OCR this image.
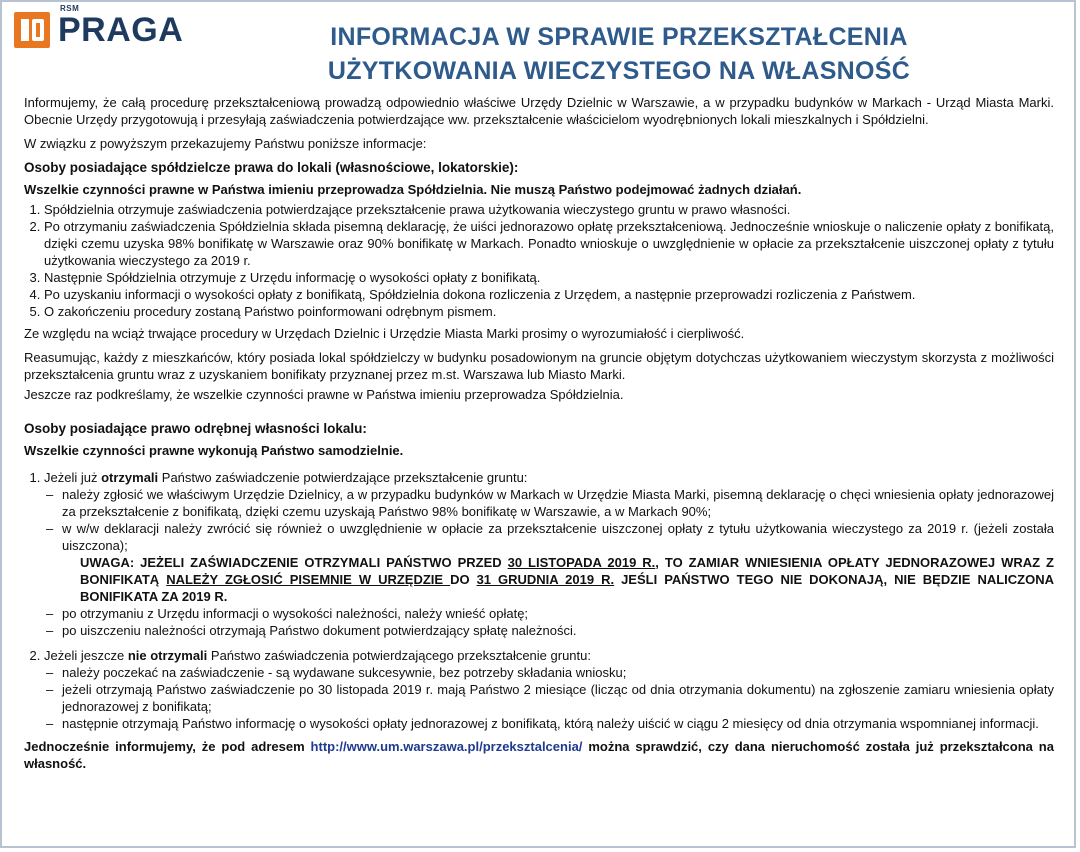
RSM
PRAGA	INFORMACJA W SPRAWIE PRZEKSZTAŁCENIA
UŻYTKOWANIA WIECZYSTEGO NA WŁASNOŚĆ

Informujemy, że całą procedurę przekształceniową prowadzą odpowiednio właściwe Urzędy Dzielnic w Warszawie, a w przypadku budynków w Markach - Urząd Miasta Marki. Obecnie Urzędy przygotowują i przesyłają zaświadczenia potwierdzające ww. przekształcenie właścicielom wyodrębnionych lokali mieszkalnych i Spółdzielni.

W związku z powyższym przekazujemy Państwu poniższe informacje:

Osoby posiadające spółdzielcze prawa do lokali (własnościowe, lokatorskie):
Wszelkie czynności prawne w Państwa imieniu przeprowadza Spółdzielnia. Nie muszą Państwo podejmować żadnych działań.
1. Spółdzielnia otrzymuje zaświadczenia potwierdzające przekształcenie prawa użytkowania wieczystego gruntu w prawo własności.
2. Po otrzymaniu zaświadczenia Spółdzielnia składa pisemną deklarację, że uiści jednorazowo opłatę przekształceniową. Jednocześnie wnioskuje o naliczenie opłaty z bonifikatą, dzięki czemu uzyska 98% bonifikatę w Warszawie oraz 90% bonifikatę w Markach. Ponadto wnioskuje o uwzględnienie w opłacie za przekształcenie uiszczonej opłaty z tytułu użytkowania wieczystego za 2019 r.
3. Następnie Spółdzielnia otrzymuje z Urzędu informację o wysokości opłaty z bonifikatą.
4. Po uzyskaniu informacji o wysokości opłaty z bonifikatą, Spółdzielnia dokona rozliczenia z Urzędem, a następnie przeprowadzi rozliczenia z Państwem.
5. O zakończeniu procedury zostaną Państwo poinformowani odrębnym pismem.

Ze względu na wciąż trwające procedury w Urzędach Dzielnic i Urzędzie Miasta Marki prosimy o wyrozumiałość i cierpliwość.

Reasumując, każdy z mieszkańców, który posiada lokal spółdzielczy w budynku posadowionym na gruncie objętym dotychczas użytkowaniem wieczystym skorzysta z możliwości przekształcenia gruntu wraz z uzyskaniem bonifikaty przyznanej przez m.st. Warszawa lub Miasto Marki.

Jeszcze raz podkreślamy, że wszelkie czynności prawne w Państwa imieniu przeprowadza Spółdzielnia.

Osoby posiadające prawo odrębnej własności lokalu:
Wszelkie czynności prawne wykonują Państwo samodzielnie.
1. Jeżeli już otrzymali Państwo zaświadczenie potwierdzające przekształcenie gruntu:
– należy zgłosić we właściwym Urzędzie Dzielnicy, a w przypadku budynków w Markach w Urzędzie Miasta Marki, pisemną deklarację o chęci wniesienia opłaty jednorazowej za przekształcenie z bonifikatą, dzięki czemu uzyskają Państwo 98% bonifikatę w Warszawie, a w Markach 90%;
– w w/w deklaracji należy zwrócić się również o uwzględnienie w opłacie za przekształcenie uiszczonej opłaty z tytułu użytkowania wieczystego za 2019 r. (jeżeli została uiszczona);
UWAGA: JEŻELI ZAŚWIADCZENIE OTRZYMALI PAŃSTWO PRZED 30 LISTOPADA 2019 R., TO ZAMIAR WNIESIENIA OPŁATY JEDNORAZOWEJ WRAZ Z BONIFIKATĄ NALEŻY ZGŁOSIĆ PISEMNIE W URZĘDZIE DO 31 GRUDNIA 2019 R. JEŚLI PAŃSTWO TEGO NIE DOKONAJĄ, NIE BĘDZIE NALICZONA BONIFIKATA ZA 2019 R.
– po otrzymaniu z Urzędu informacji o wysokości należności, należy wnieść opłatę;
– po uiszczeniu należności otrzymają Państwo dokument potwierdzający spłatę należności.
2. Jeżeli jeszcze nie otrzymali Państwo zaświadczenia potwierdzającego przekształcenie gruntu:
– należy poczekać na zaświadczenie - są wydawane sukcesywnie, bez potrzeby składania wniosku;
– jeżeli otrzymają Państwo zaświadczenie po 30 listopada 2019 r. mają Państwo 2 miesiące (licząc od dnia otrzymania dokumentu) na zgłoszenie zamiaru wniesienia opłaty jednorazowej z bonifikatą;
– następnie otrzymają Państwo informację o wysokości opłaty jednorazowej z bonifikatą, którą należy uiścić w ciągu 2 miesięcy od dnia otrzymania wspomnianej informacji.

Jednocześnie informujemy, że pod adresem http://www.um.warszawa.pl/przeksztalcenia/ można sprawdzić, czy dana nieruchomość została już przekształcona na własność.
